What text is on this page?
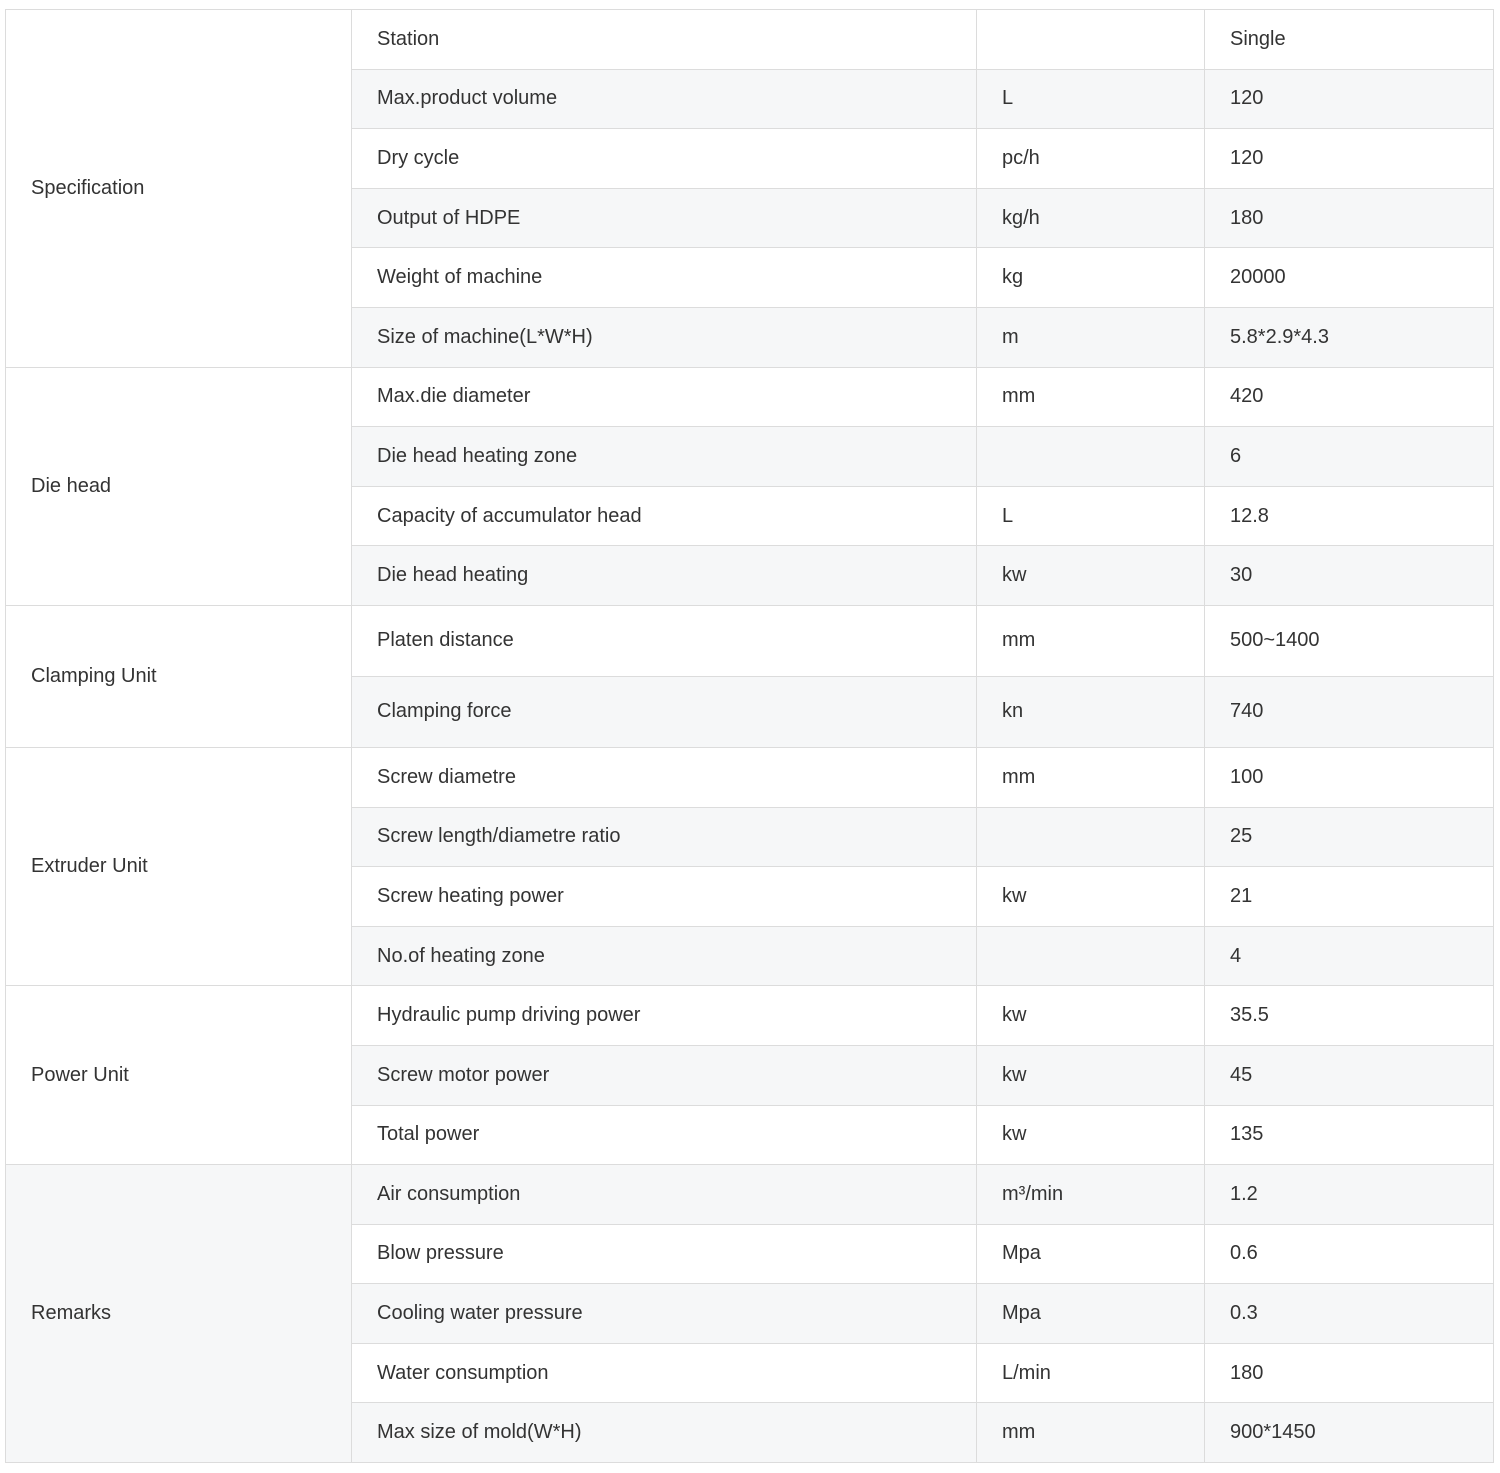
Specification	Station		Single
	Max.product volume	L	120
	Dry cycle	pc/h	120
	Output of HDPE	kg/h	180
	Weight of machine	kg	20000
	Size of machine(L*W*H)	m	5.8*2.9*4.3
Die head	Max.die diameter	mm	420
	Die head heating zone		6
	Capacity of accumulator head	L	12.8
	Die head heating	kw	30
Clamping Unit	Platen distance	mm	500~1400
	Clamping force	kn	740
Extruder Unit	Screw diametre	mm	100
	Screw length/diametre ratio		25
	Screw heating power	kw	21
	No.of heating zone		4
Power Unit	Hydraulic pump driving power	kw	35.5
	Screw motor power	kw	45
	Total power	kw	135
Remarks	Air consumption	m³/min	1.2
	Blow pressure	Mpa	0.6
	Cooling water pressure	Mpa	0.3
	Water consumption	L/min	180
	Max size of mold(W*H)	mm	900*1450
